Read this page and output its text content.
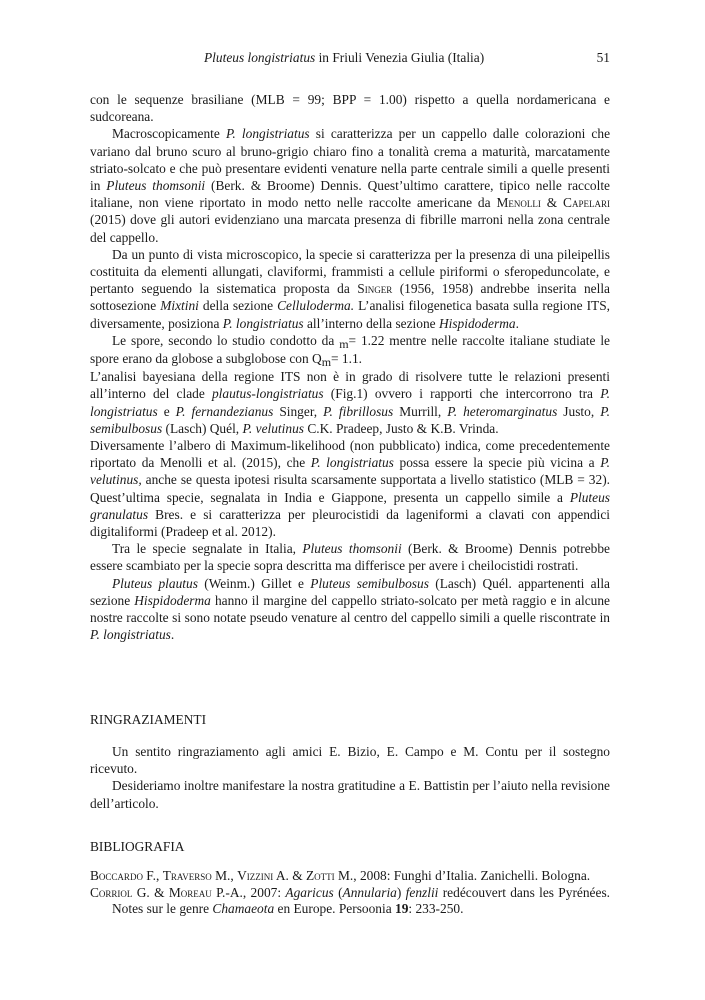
Pluteus longistriatus in Friuli Venezia Giulia (Italia)	51

con le sequenze brasiliane (MLB = 99; BPP = 1.00) rispetto a quella nordamericana e sudcoreana.

Macroscopicamente P. longistriatus si caratterizza per un cappello dalle colorazioni che variano dal bruno scuro al bruno-grigio chiaro fino a tonalità crema a maturità, marcatamente striato-solcato e che può presentare evidenti venature nella parte centrale simili a quelle presenti in Pluteus thomsonii (Berk. & Broome) Dennis. Quest’ultimo carattere, tipico nelle raccolte italiane, non viene riportato in modo netto nelle raccolte americane da Menolli & Capelari (2015) dove gli autori evidenziano una marcata presenza di fibrille marroni nella zona centrale del cappello.

Da un punto di vista microscopico, la specie si caratterizza per la presenza di una pileipellis costituita da elementi allungati, claviformi, frammisti a cellule piriformi o sferopeduncolate, e pertanto seguendo la sistematica proposta da Singer (1956, 1958) andrebbe inserita nella sottosezione Mixtini della sezione Celluloderma. L’analisi filogenetica basata sulla regione ITS, diversamente, posiziona P. longistriatus all’interno della sezione Hispidoderma.

Le spore, secondo lo studio condotto da m= 1.22 mentre nelle raccolte italiane studiate le spore erano da globose a subglobose con Qm= 1.1.

L’analisi bayesiana della regione ITS non è in grado di risolvere tutte le relazioni presenti all’interno del clade plautus-longistriatus (Fig.1) ovvero i rapporti che intercorrono tra P. longistriatus e P. fernandezianus Singer, P. fibrillosus Murrill, P. heteromarginatus Justo, P. semibulbosus (Lasch) Quél, P. velutinus C.K. Pradeep, Justo & K.B. Vrinda.

Diversamente l’albero di Maximum-likelihood (non pubblicato) indica, come precedentemente riportato da Menolli et al. (2015), che P. longistriatus possa essere la specie più vicina a P. velutinus, anche se questa ipotesi risulta scarsamente supportata a livello statistico (MLB = 32). Quest’ultima specie, segnalata in India e Giappone, presenta un cappello simile a Pluteus granulatus Bres. e si caratterizza per pleurocistidi da lageniformi a clavati con appendici digitaliformi (Pradeep et al. 2012).

Tra le specie segnalate in Italia, Pluteus thomsonii (Berk. & Broome) Dennis potrebbe essere scambiato per la specie sopra descritta ma differisce per avere i cheilocistidi rostrati.

Pluteus plautus (Weinm.) Gillet e Pluteus semibulbosus (Lasch) Quél. appartenenti alla sezione Hispidoderma hanno il margine del cappello striato-solcato per metà raggio e in alcune nostre raccolte si sono notate pseudo venature al centro del cappello simili a quelle riscontrate in P. longistriatus.

RINGRAZIAMENTI

Un sentito ringraziamento agli amici E. Bizio, E. Campo e M. Contu per il sostegno ricevuto.

Desideriamo inoltre manifestare la nostra gratitudine a E. Battistin per l’aiuto nella revisione dell’articolo.

BIBLIOGRAFIA

Boccardo F., Traverso M., Vizzini A. & Zotti M., 2008: Funghi d’Italia. Zanichelli. Bologna.

Corriol G. & Moreau P.-A., 2007: Agaricus (Annularia) fenzlii redécouvert dans les Pyrénées. Notes sur le genre Chamaeota en Europe. Persoonia 19: 233-250.
